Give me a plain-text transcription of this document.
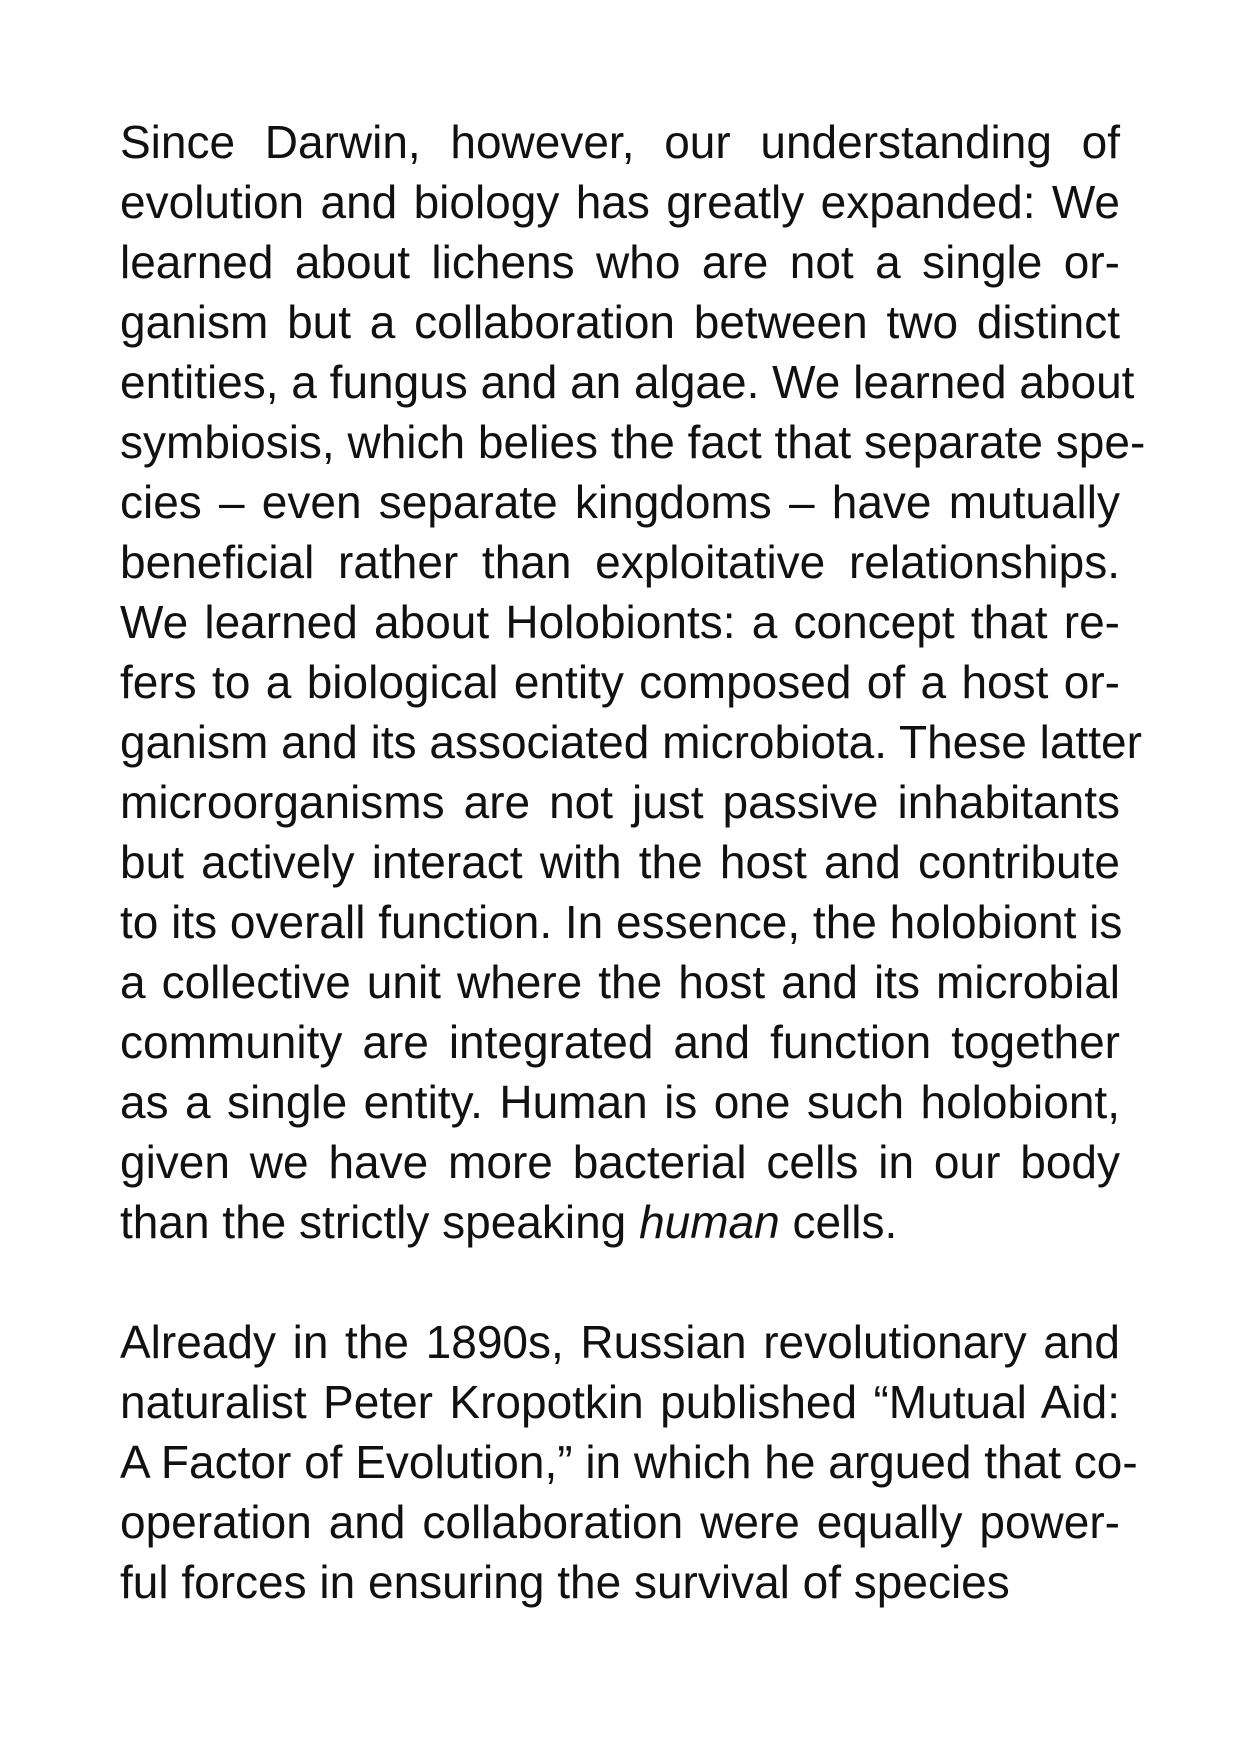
Since Darwin, however, our understanding of
evolution and biology has greatly expanded: We
learned about lichens who are not a single or-
ganism but a collaboration between two distinct
entities, a fungus and an algae. We learned about
symbiosis, which belies the fact that separate spe-
cies – even separate kingdoms – have mutually
beneficial rather than exploitative relationships.
We learned about Holobionts: a concept that re-
fers to a biological entity composed of a host or-
ganism and its associated microbiota. These latter
microorganisms are not just passive inhabitants
but actively interact with the host and contribute
to its overall function. In essence, the holobiont is
a collective unit where the host and its microbial
community are integrated and function together
as a single entity. Human is one such holobiont,
given we have more bacterial cells in our body
than the strictly speaking human cells.
Already in the 1890s, Russian revolutionary and
naturalist Peter Kropotkin published “Mutual Aid:
A Factor of Evolution,” in which he argued that co-
operation and collaboration were equally power-
ful forces in ensuring the survival of species
